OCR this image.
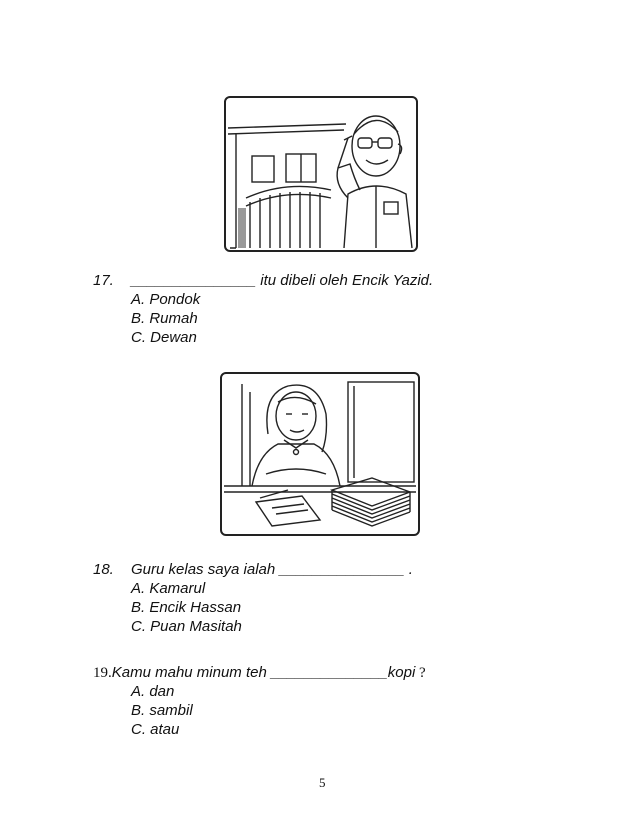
17. _______________ itu dibeli oleh Encik Yazid.
A. Pondok
B. Rumah
C. Dewan
18. Guru kelas saya ialah _______________ .
A. Kamarul
B. Encik Hassan
C. Puan Masitah
19.Kamu mahu minum teh ______________kopi ?
A. dan
B. sambil
C. atau
5
